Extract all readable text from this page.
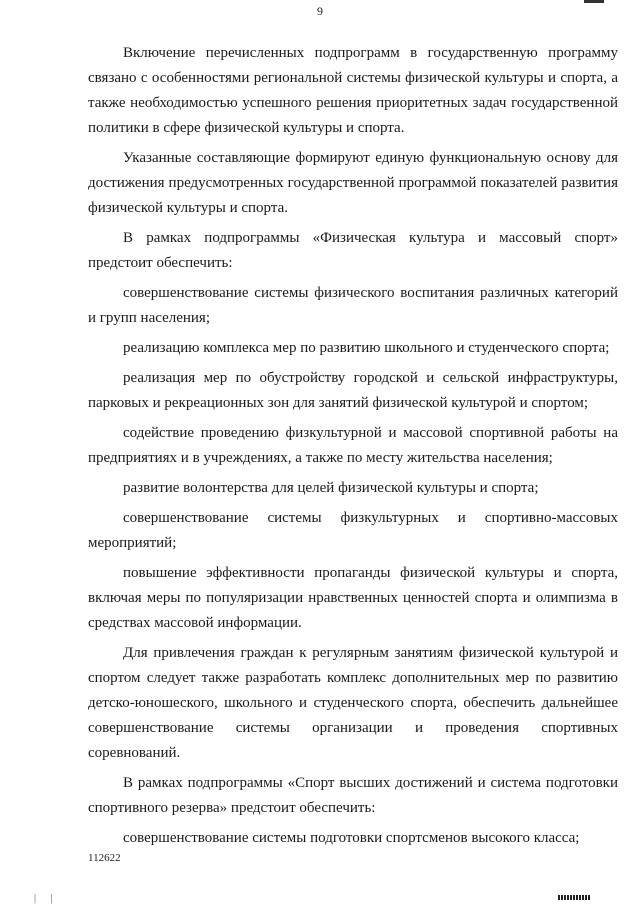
9

Включение перечисленных подпрограмм в государственную программу связано с особенностями региональной системы физической культуры и спорта, а также необходимостью успешного решения приоритетных задач государственной политики в сфере физической культуры и спорта.

Указанные составляющие формируют единую функциональную основу для достижения предусмотренных государственной программой показателей развития физической культуры и спорта.

В рамках подпрограммы «Физическая культура и массовый спорт» предстоит обеспечить:

совершенствование системы физического воспитания различных категорий и групп населения;

реализацию комплекса мер по развитию школьного и студенческого спорта;

реализация мер по обустройству городской и сельской инфраструктуры, парковых и рекреационных зон для занятий физической культурой и спортом;

содействие проведению физкультурной и массовой спортивной работы на предприятиях и в учреждениях, а также по месту жительства населения;

развитие волонтерства для целей физической культуры и спорта;

совершенствование системы физкультурных и спортивно-массовых мероприятий;

повышение эффективности пропаганды физической культуры и спорта, включая меры по популяризации нравственных ценностей спорта и олимпизма в средствах массовой информации.

Для привлечения граждан к регулярным занятиям физической культурой и спортом следует также разработать комплекс дополнительных мер по развитию детско-юношеского, школьного и студенческого спорта, обеспечить дальнейшее совершенствование системы организации и проведения спортивных соревнований.

В рамках подпрограммы «Спорт высших достижений и система подготовки спортивного резерва» предстоит обеспечить:

совершенствование системы подготовки спортсменов высокого класса;

112622
| |
